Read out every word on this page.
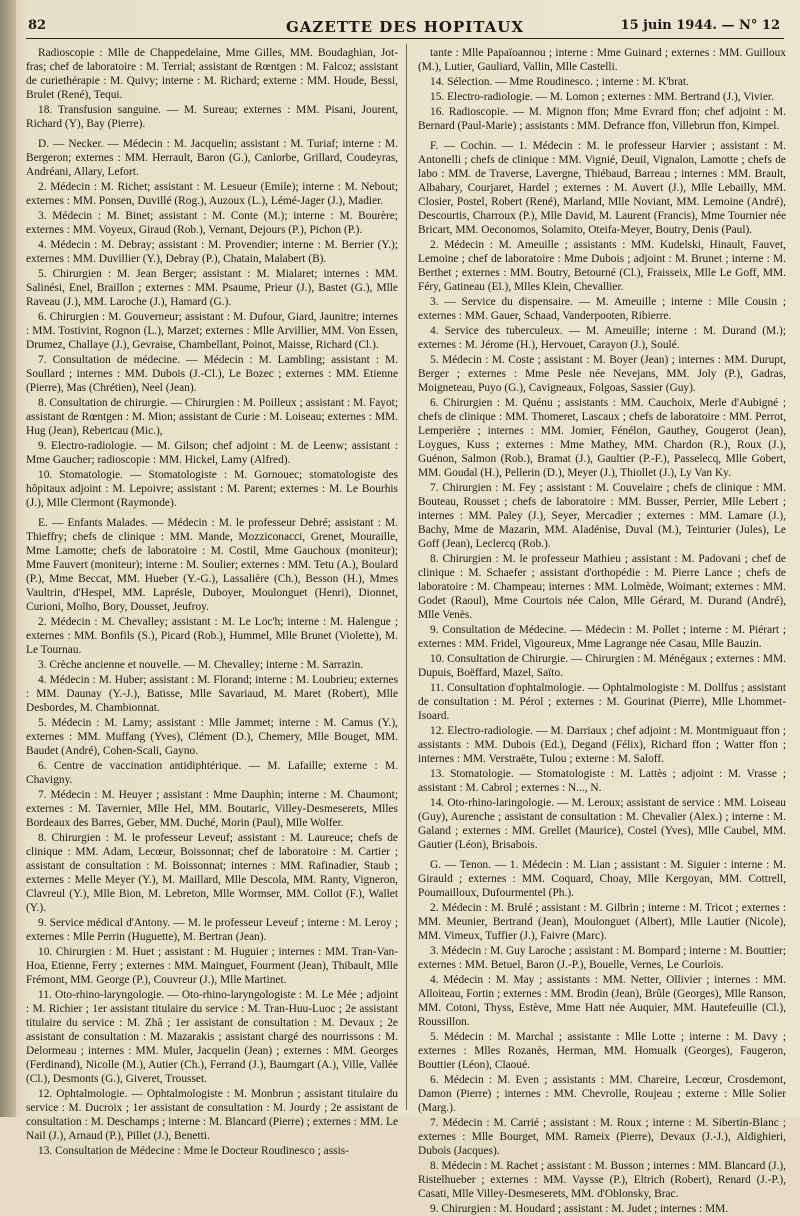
82	GAZETTE DES HOPITAUX	15 juin 1944. — N° 12

Radioscopie : Mlle de Chappedelaine, Mme Gilles, MM. Boudaghian, Jot-fras; chef de laboratoire : M. Terrial; assistant de Rœntgen : M. Falcoz; assistant de curiethérapie : M. Quivy; interne : M. Richard; externe : MM. Houde, Bessi, Brulet (René), Tequi.

18. Transfusion sanguine. — M. Sureau; externes : MM. Pisani, Jourent, Richard (Y), Bay (Pierre).

D. — Necker. — Médecin : M. Jacquelin; assistant : M. Turiaf; interne : M. Bergeron; externes : MM. Herrault, Baron (G.), Canlorbe, Grillard, Coudeyras, Andréani, Allary, Lefort.

2. Médecin : M. Richet; assistant : M. Lesueur (Emile); interne : M. Nebout; externes : MM. Ponsen, Duvillé (Rog.), Auzoux (L.), Lémé-Jager (J.), Madier.

3. Médecin : M. Binet; assistant : M. Conte (M.); interne : M. Bourère; externes : MM. Voyeux, Giraud (Rob.), Vernant, Dejours (P.), Pichon (P.).

4. Médecin : M. Debray; assistant : M. Provendier; interne : M. Berrier (Y.); externes : MM. Duvillier (Y.), Debray (P.), Chatain, Malabert (B).

5. Chirurgien : M. Jean Berger; assistant : M. Mialaret; internes : MM. Salinési, Enel, Braillon ; externes : MM. Psaume, Prieur (J.), Bastet (G.), Mlle Raveau (J.), MM. Laroche (J.), Hamard (G.).

6. Chirurgien : M. Gouverneur; assistant : M. Dufour, Giard, Jaunitre; internes : MM. Tostivint, Rognon (L.), Marzet; externes : Mlle Arvillier, MM. Von Essen, Drumez, Challaye (J.), Gevraise, Chambellant, Poinot, Maisse, Richard (Cl.).

7. Consultation de médecine. — Médecin : M. Lambling; assistant : M. Soullard ; internes : MM. Dubois (J.-Cl.), Le Bozec ; externes : MM. Etienne (Pierre), Mas (Chrétien), Neel (Jean).

8. Consultation de chirurgie. — Chirurgien : M. Poilleux ; assistant : M. Fayot; assistant de Rœntgen : M. Mion; assistant de Curie : M. Loiseau; externes : MM. Hug (Jean), Rebertcau (Mic.),

9. Electro-radiologie. — M. Gilson; chef adjoint : M. de Leenw; assistant : Mme Gaucher; radioscopie : MM. Hickel, Lamy (Alfred).

10. Stomatologie. — Stomatologiste : M. Gornouec; stomatologiste des hôpitaux adjoint : M. Lepoivre; assistant : M. Parent; externes : M. Le Bourhis (J.), Mlle Clermont (Raymonde).

E. — Enfants Malades. — Médecin : M. le professeur Debré; assistant : M. Thieffry; chefs de clinique : MM. Mande, Mozziconacci, Grenet, Mouraille, Mme Lamotte; chefs de laboratoire : M. Costil, Mme Gauchoux (moniteur); Mme Fauvert (moniteur); interne : M. Soulier; externes : MM. Tetu (A.), Boulard (P.), Mme Beccat, MM. Hueber (Y.-G.), Lassalière (Ch.), Besson (H.), Mmes Vaultrin, d'Hespel, MM. Laprésle, Duboyer, Moulonguet (Henri), Dionnet, Curioni, Molho, Bory, Dousset, Jeufroy.

2. Médecin : M. Chevalley; assistant : M. Le Loc'h; interne : M. Halengue ; externes : MM. Bonfils (S.), Picard (Rob.), Hummel, Mlle Brunet (Violette), M. Le Tournau.

3. Crèche ancienne et nouvelle. — M. Chevalley; interne : M. Sarrazin.

4. Médecin : M. Huber; assistant : M. Florand; interne : M. Loubrieu; externes : MM. Daunay (Y.-J.), Batisse, Mlle Savariaud, M. Maret (Robert), Mlle Desbordes, M. Chambionnat.

5. Médecin : M. Lamy; assistant : Mlle Jammet; interne : M. Camus (Y.), externes : MM. Muffang (Yves), Clément (D.), Chemery, Mlle Bouget, MM. Baudet (André), Cohen-Scali, Gayno.

6. Centre de vaccination antidiphtérique. — M. Lafaille; externe : M. Chavigny.

7. Médecin : M. Heuyer ; assistant : Mme Dauphin; interne : M. Chaumont; externes : M. Tavernier, Mlle Hel, MM. Boutaric, Villey-Desmeserets, Mlles Bordeaux des Barres, Geber, MM. Duché, Morin (Paul), Mlle Wolfer.

8. Chirurgien : M. le professeur Leveuf; assistant : M. Laureuce; chefs de clinique : MM. Adam, Lecœur, Boissonnat; chef de laboratoire : M. Cartier ; assistant de consultation : M. Boissonnat; internes : MM. Rafinadier, Staub ; externes : Melle Meyer (Y.), M. Maillard, Mlle Descola, MM. Ranty, Vigneron, Clavreul (Y.), Mlle Bion, M. Lebreton, Mlle Wormser, MM. Collot (F.), Wallet (Y.).

9. Service médical d'Antony. — M. le professeur Leveuf ; interne : M. Leroy ; externes : Mlle Perrin (Huguette), M. Bertran (Jean).

10. Chirurgien : M. Huet ; assistant : M. Huguier ; internes : MM. Tran-Van-Hoa, Etienne, Ferry ; externes : MM. Mainguet, Fourment (Jean), Thibault, Mlle Frémont, MM. George (P.), Couvreur (J.), Mlle Martinet.

11. Oto-rhino-laryngologie. — Oto-rhino-laryngologiste : M. Le Mée ; adjoint : M. Richier ; 1er assistant titulaire du service : M. Tran-Huu-Luoc ; 2e assistant titulaire du service : M. Zhâ ; 1er assistant de consultation : M. Devaux ; 2e assistant de consultation : M. Mazarakis ; assistant chargé des nourrissons : M. Delormeau ; internes : MM. Muler, Jacquelin (Jean) ; externes : MM. Georges (Ferdinand), Nicolle (M.), Autier (Ch.), Ferrand (J.), Baumgart (A.), Ville, Vallée (Cl.), Desmonts (G.), Giveret, Trousset.

12. Ophtalmologie. — Ophtalmologiste : M. Monbrun ; assistant titulaire du service : M. Ducroix ; 1er assistant de consultation : M. Jourdy ; 2e assistant de consultation : M. Deschamps ; interne : M. Blancard (Pierre) ; externes : MM. Le Nail (J.), Arnaud (P.), Pillet (J.), Benetti.

13. Consultation de Médecine : Mme le Docteur Roudinesco ; assis-

tante : Mlle Papaïoannou ; interne : Mme Guinard ; externes : MM. Guilloux (M.), Lutier, Gauliard, Vallin, Mlle Castelli.

14. Sélection. — Mme Roudinesco. ; interne : M. K'brat.

15. Electro-radiologie. — M. Lomon ; externes : MM. Bertrand (J.), Vivier.

16. Radioscopie. — M. Mignon ffon; Mme Evrard ffon; chef adjoint : M. Bernard (Paul-Marie) ; assistants : MM. Defrance ffon, Villebrun ffon, Kimpel.

F. — Cochin. — 1. Médecin : M. le professeur Harvier ; assistant : M. Antonelli ; chefs de clinique : MM. Vignié, Deuil, Vignalon, Lamotte ; chefs de labo : MM. de Traverse, Lavergne, Thiébaud, Barreau ; internes : MM. Brault, Albahary, Courjaret, Hardel ; externes : M. Auvert (J.), Mlle Lebailly, MM. Closier, Postel, Robert (René), Marland, Mlle Noviant, MM. Lemoine (André), Descourtis, Charroux (P.), Mlle David, M. Laurent (Francis), Mme Tournier née Bricart, MM. Oeconomos, Solamito, Oteifa-Meyer, Boutry, Denis (Paul).

2. Médecin : M. Ameuille ; assistants : MM. Kudelski, Hinault, Fauvet, Lemoine ; chef de laboratoire : Mme Dubois ; adjoint : M. Brunet ; interne : M. Berthet ; externes : MM. Boutry, Betourné (Cl.), Fraisseix, Mlle Le Goff, MM. Féry, Gatineau (El.), Mlles Klein, Chevallier.

3. — Service du dispensaire. — M. Ameuille ; interne : Mlle Cousin ; externes : MM. Gauer, Schaad, Vanderpooten, Ribierre.

4. Service des tuberculeux. — M. Ameuille; interne : M. Durand (M.); externes : M. Jérome (H.), Hervouet, Carayon (J.), Soulé.

5. Médecin : M. Coste ; assistant : M. Boyer (Jean) ; internes : MM. Durupt, Berger ; externes : Mme Pesle née Nevejans, MM. Joly (P.), Gadras, Moigneteau, Puyo (G.), Cavigneaux, Folgoas, Sassier (Guy).

6. Chirurgien : M. Quénu ; assistants : MM. Cauchoix, Merle d'Aubigné ; chefs de clinique : MM. Thomeret, Lascaux ; chefs de laboratoire : MM. Perrot, Lemperière ; internes : MM. Jomier, Fénélon, Gauthey, Gougerot (Jean), Loygues, Kuss ; externes : Mme Mathey, MM. Chardon (R.), Roux (J.), Guénon, Salmon (Rob.), Bramat (J.), Gaultier (P.-F.), Passelecq, Mlle Gobert, MM. Goudal (H.), Pellerin (D.), Meyer (J.), Thiollet (J.), Ly Van Ky.

7. Chirurgien : M. Fey ; assistant : M. Couvelaire ; chefs de clinique : MM. Bouteau, Rousset ; chefs de laboratoire : MM. Busser, Perrier, Mlle Lebert ; internes : MM. Paley (J.), Seyer, Mercadier ; externes : MM. Lamare (J.), Bachy, Mme de Mazarin, MM. Aladénise, Duval (M.), Teinturier (Jules), Le Goff (Jean), Leclercq (Rob.).

8. Chirurgien : M. le professeur Mathieu ; assistant : M. Padovani ; chef de clinique : M. Schaefer ; assistant d'orthopédie : M. Pierre Lance ; chefs de laboratoire : M. Champeau; internes : MM. Lolmède, Woimant; externes : MM. Godet (Raoul), Mme Courtois née Calon, Mlle Gérard, M. Durand (André), Mlle Venès.

9. Consultation de Médecine. — Médecin : M. Pollet ; interne : M. Piérart ; externes : MM. Fridel, Vigoureux, Mme Lagrange née Casau, Mlle Bauzin.

10. Consultation de Chirurgie. — Chirurgien : M. Ménégaux ; externes : MM. Dupuis, Boëffard, Mazel, Saïto.

11. Consultation d'ophtalmologie. — Ophtalmologiste : M. Dollfus ; assistant de consultation : M. Pérol ; externes : M. Gourinat (Pierre), Mlle Lhommet-Isoard.

12. Electro-radiologie. — M. Darriaux ; chef adjoint : M. Montmiguaut ffon ; assistants : MM. Dubois (Ed.), Degand (Félix), Richard ffon ; Watter ffon ; internes : MM. Verstraëte, Tulou ; externe : M. Saloff.

13. Stomatologie. — Stomatologiste : M. Lattès ; adjoint : M. Vrasse ; assistant : M. Cabrol ; externes : N..., N.

14. Oto-rhino-laringologie. — M. Leroux; assistant de service : MM. Loiseau (Guy), Aurenche ; assistant de consultation : M. Chevalier (Alex.) ; interne : M. Galand ; externes : MM. Grellet (Maurice), Costel (Yves), Mlle Caubel, MM. Gautier (Léon), Brisabois.

G. — Tenon. — 1. Médecin : M. Lian ; assistant : M. Siguier : interne : M. Girauld ; externes : MM. Coquard, Choay, Mlle Kergoyan, MM. Cottrell, Poumailloux, Dufourmentel (Ph.).

2. Médecin : M. Brulé ; assistant : M. Gilbrin ; interne : M. Tricot ; externes : MM. Meunier, Bertrand (Jean), Moulonguet (Albert), Mlle Lautier (Nicole), MM. Vimeux, Tuffier (J.), Faivre (Marc).

3. Médecin : M. Guy Laroche ; assistant : M. Bompard ; interne : M. Bouttier; externes : MM. Betuel, Baron (J.-P.), Bouelle, Vernes, Le Courlois.

4. Médecin : M. May ; assistants : MM. Netter, Ollivier ; internes : MM. Alloiteau, Fortin ; externes : MM. Brodin (Jean), Brûle (Georges), Mlle Ranson, MM. Cotoni, Thyss, Estève, Mme Hatt née Auquier, MM. Hautefeuille (Cl.), Roussillon.

5. Médecin : M. Marchal ; assistante : Mlle Lotte ; interne : M. Davy ; externes : Mlles Rozanès, Herman, MM. Homualk (Georges), Faugeron, Bouttier (Léon), Claoué.

6. Médecin : M. Even ; assistants : MM. Chareire, Lecœur, Crosdemont, Damon (Pierre) ; internes : MM. Chevrolle, Roujeau ; externe : Mlle Solier (Marg.).

7. Médecin : M. Carrié ; assistant : M. Roux ; interne : M. Sibertin-Blanc ; externes : Mlle Bourget, MM. Rameix (Pierre), Devaux (J.-J.), Aldighieri, Dubois (Jacques).

8. Médecin : M. Rachet ; assistant : M. Busson ; internes : MM. Blancard (J.), Ristelhueber ; externes : MM. Vaysse (P.), Eltrich (Robert), Renard (J.-P.), Casati, Mlle Villey-Desmeserets, MM. d'Oblonsky, Brac.

9. Chirurgien : M. Houdard ; assistant : M. Judet ; internes : MM.
